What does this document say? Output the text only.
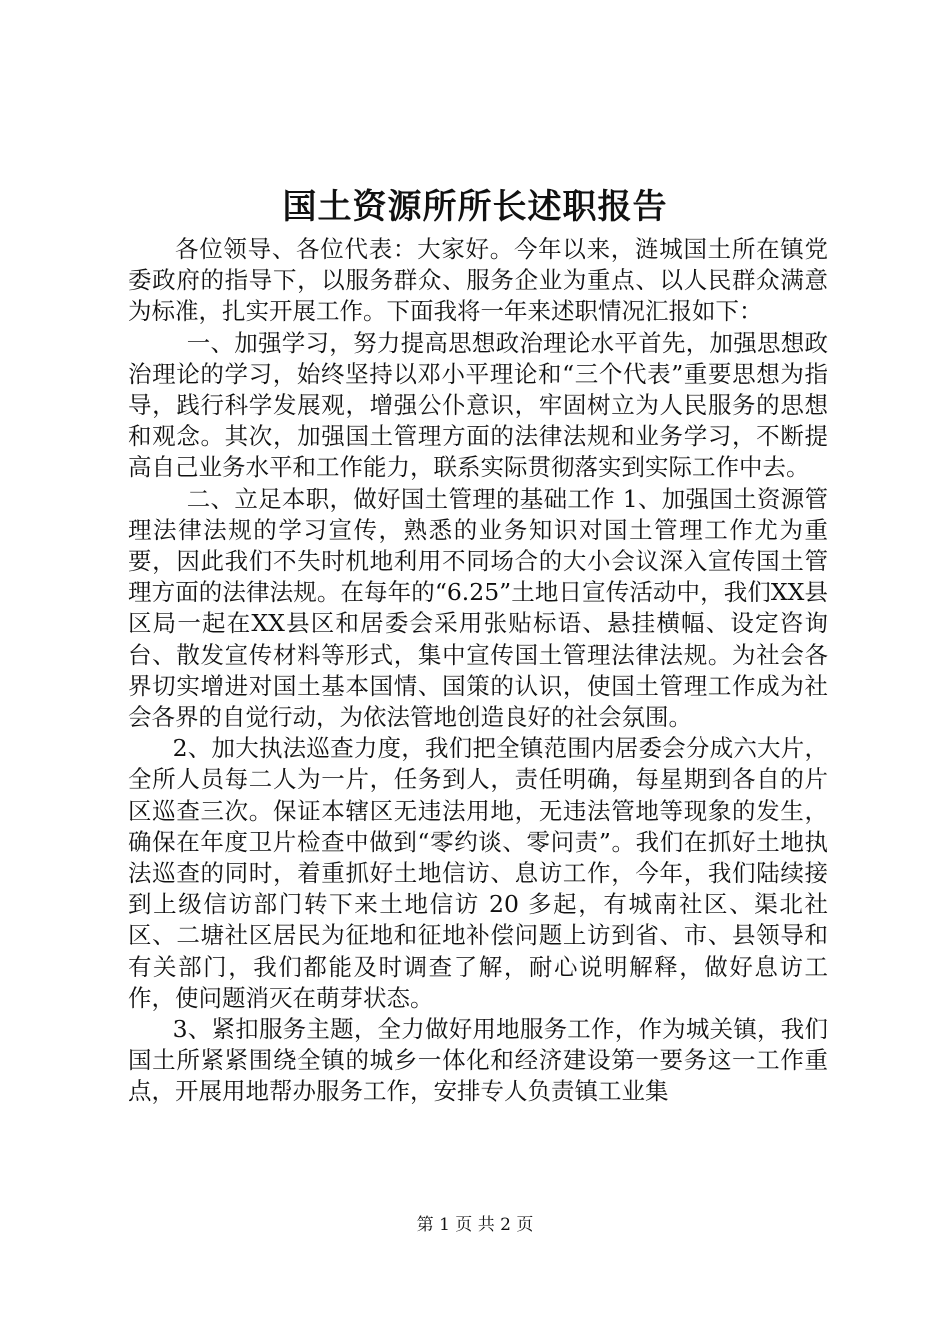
国土资源所所长述职报告

各位领导、各位代表：大家好。今年以来，涟城国土所在镇党委政府的指导下，以服务群众、服务企业为重点、以人民群众满意为标准，扎实开展工作。下面我将一年来述职情况汇报如下：

一、加强学习，努力提高思想政治理论水平首先，加强思想政治理论的学习，始终坚持以邓小平理论和“三个代表”重要思想为指导，践行科学发展观，增强公仆意识，牢固树立为人民服务的思想和观念。其次，加强国土管理方面的法律法规和业务学习，不断提高自己业务水平和工作能力，联系实际贯彻落实到实际工作中去。

二、立足本职，做好国土管理的基础工作 1、加强国土资源管理法律法规的学习宣传，熟悉的业务知识对国土管理工作尤为重要，因此我们不失时机地利用不同场合的大小会议深入宣传国土管理方面的法律法规。在每年的“6.25”土地日宣传活动中，我们XX县区局一起在XX县区和居委会采用张贴标语、悬挂横幅、设定咨询台、散发宣传材料等形式，集中宣传国土管理法律法规。为社会各界切实增进对国土基本国情、国策的认识，使国土管理工作成为社会各界的自觉行动，为依法管地创造良好的社会氛围。

2、加大执法巡查力度，我们把全镇范围内居委会分成六大片，全所人员每二人为一片，任务到人，责任明确，每星期到各自的片区巡查三次。保证本辖区无违法用地，无违法管地等现象的发生，确保在年度卫片检查中做到“零约谈、零问责”。我们在抓好土地执法巡查的同时，着重抓好土地信访、息访工作，今年，我们陆续接到上级信访部门转下来土地信访 20 多起，有城南社区、渠北社区、二塘社区居民为征地和征地补偿问题上访到省、市、县领导和有关部门，我们都能及时调查了解，耐心说明解释，做好息访工作，使问题消灭在萌芽状态。

3、紧扣服务主题，全力做好用地服务工作，作为城关镇，我们国土所紧紧围绕全镇的城乡一体化和经济建设第一要务这一工作重点，开展用地帮办服务工作，安排专人负责镇工业集

第 1 页 共 2 页
